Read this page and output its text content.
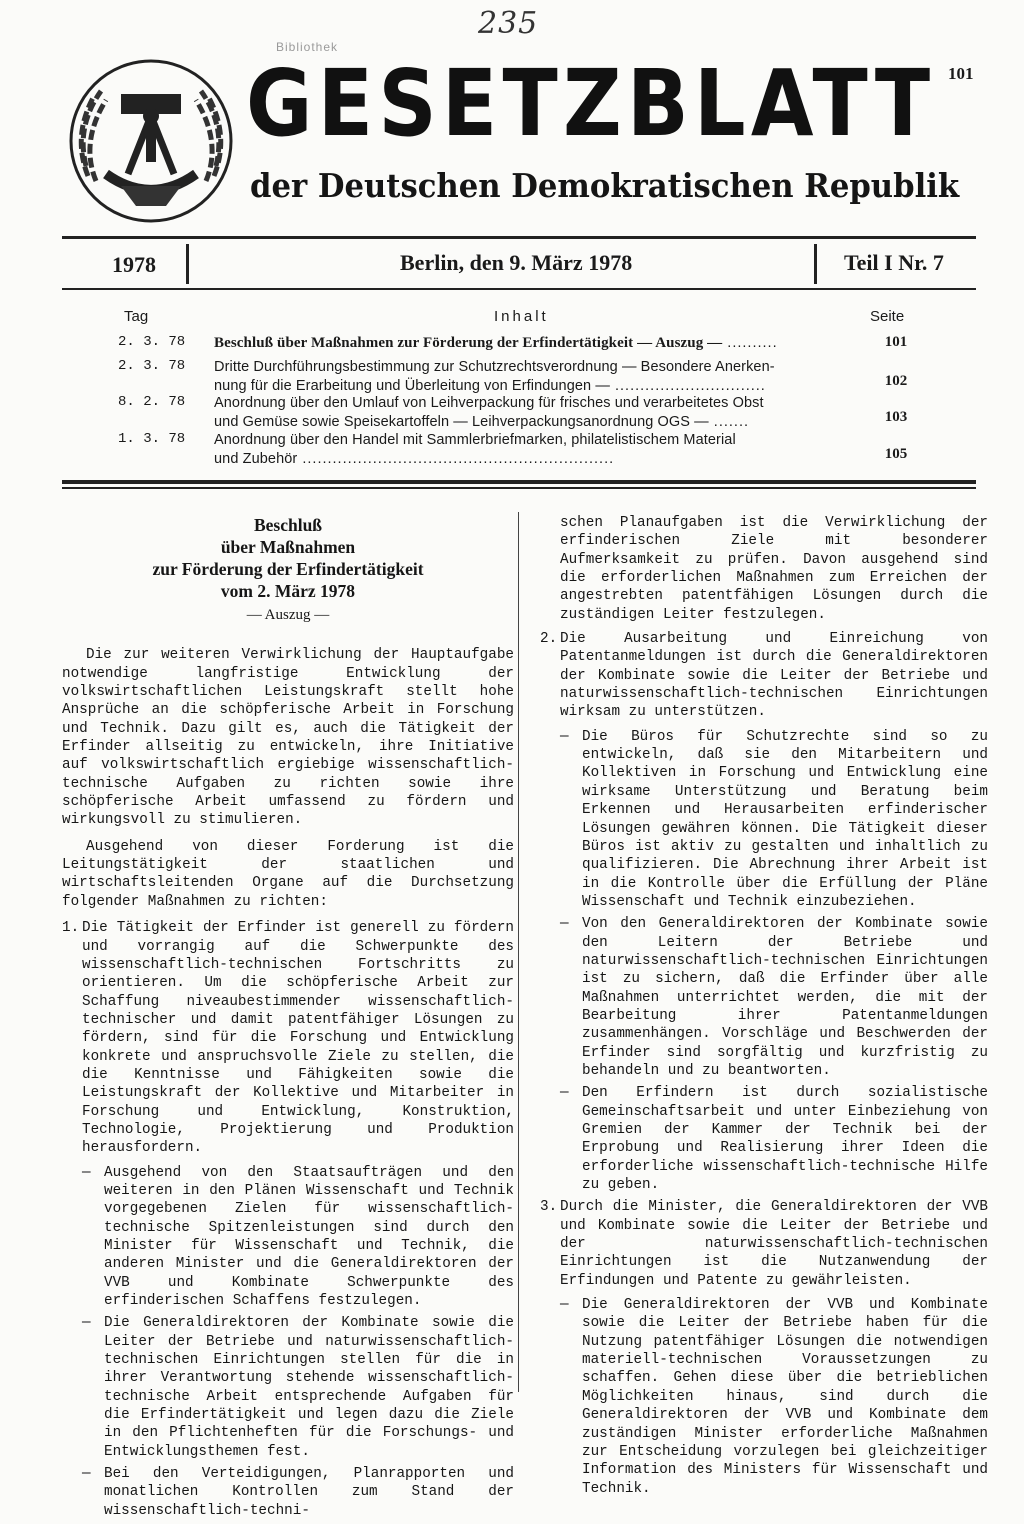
235
Bibliothek
GESETZBLATT
der Deutschen Demokratischen Republik
101
1978	Berlin, den 9. März 1978	Teil I Nr. 7
Tag	Inhalt	Seite
2. 3. 78 Beschluß über Maßnahmen zur Förderung der Erfindertätigkeit — Auszug — ..........	101
2. 3. 78 Dritte Durchführungsbestimmung zur Schutzrechtsverordnung — Besondere Anerken-
nung für die Erarbeitung und Überleitung von Erfindungen — ..............................	102
8. 2. 78 Anordnung über den Umlauf von Leihverpackung für frisches und verarbeitetes Obst
und Gemüse sowie Speisekartoffeln — Leihverpackungsanordnung OGS — .......	103
1. 3. 78 Anordnung über den Handel mit Sammlerbriefmarken, philatelistischem Material
und Zubehör ..............................................................	105
Beschluß
über Maßnahmen
zur Förderung der Erfindertätigkeit
vom 2. März 1978
— Auszug —

Die zur weiteren Verwirklichung der Hauptaufgabe notwendige langfristige Entwicklung der volkswirtschaftlichen Leistungskraft stellt hohe Ansprüche an die schöpferische Arbeit in Forschung und Technik. Dazu gilt es, auch die Tätigkeit der Erfinder allseitig zu entwickeln, ihre Initiative auf volkswirtschaftlich ergiebige wissenschaftlich-technische Aufgaben zu richten sowie ihre schöpferische Arbeit umfassend zu fördern und wirkungsvoll zu stimulieren.

Ausgehend von dieser Forderung ist die Leitungstätigkeit der staatlichen und wirtschaftsleitenden Organe auf die Durchsetzung folgender Maßnahmen zu richten:

1. Die Tätigkeit der Erfinder ist generell zu fördern und vorrangig auf die Schwerpunkte des wissenschaftlich-technischen Fortschritts zu orientieren. Um die schöpferische Arbeit zur Schaffung niveaubestimmender wissenschaftlich-technischer und damit patentfähiger Lösungen zu fördern, sind für die Forschung und Entwicklung konkrete und anspruchsvolle Ziele zu stellen, die die Kenntnisse und Fähigkeiten sowie die Leistungskraft der Kollektive und Mitarbeiter in Forschung und Entwicklung, Konstruktion, Technologie, Projektierung und Produktion herausfordern.

— Ausgehend von den Staatsaufträgen und den weiteren in den Plänen Wissenschaft und Technik vorgegebenen Zielen für wissenschaftlich-technische Spitzenleistungen sind durch den Minister für Wissenschaft und Technik, die anderen Minister und die Generaldirektoren der VVB und Kombinate Schwerpunkte des erfinderischen Schaffens festzulegen.

— Die Generaldirektoren der Kombinate sowie die Leiter der Betriebe und naturwissenschaftlich-technischen Einrichtungen stellen für die in ihrer Verantwortung stehende wissenschaftlich-technische Arbeit entsprechende Aufgaben für die Erfindertätigkeit und legen dazu die Ziele in den Pflichtenheften für die Forschungs- und Entwicklungsthemen fest.

— Bei den Verteidigungen, Planrapporten und monatlichen Kontrollen zum Stand der wissenschaftlich-techni-

schen Planaufgaben ist die Verwirklichung der erfinderischen Ziele mit besonderer Aufmerksamkeit zu prüfen. Davon ausgehend sind die erforderlichen Maßnahmen zum Erreichen der angestrebten patentfähigen Lösungen durch die zuständigen Leiter festzulegen.

2. Die Ausarbeitung und Einreichung von Patentanmeldungen ist durch die Generaldirektoren der Kombinate sowie die Leiter der Betriebe und naturwissenschaftlich-technischen Einrichtungen wirksam zu unterstützen.

— Die Büros für Schutzrechte sind so zu entwickeln, daß sie den Mitarbeitern und Kollektiven in Forschung und Entwicklung eine wirksame Unterstützung und Beratung beim Erkennen und Herausarbeiten erfinderischer Lösungen gewähren können. Die Tätigkeit dieser Büros ist aktiv zu gestalten und inhaltlich zu qualifizieren. Die Abrechnung ihrer Arbeit ist in die Kontrolle über die Erfüllung der Pläne Wissenschaft und Technik einzubeziehen.

— Von den Generaldirektoren der Kombinate sowie den Leitern der Betriebe und naturwissenschaftlich-technischen Einrichtungen ist zu sichern, daß die Erfinder über alle Maßnahmen unterrichtet werden, die mit der Bearbeitung ihrer Patentanmeldungen zusammenhängen. Vorschläge und Beschwerden der Erfinder sind sorgfältig und kurzfristig zu behandeln und zu beantworten.

— Den Erfindern ist durch sozialistische Gemeinschaftsarbeit und unter Einbeziehung von Gremien der Kammer der Technik bei der Erprobung und Realisierung ihrer Ideen die erforderliche wissenschaftlich-technische Hilfe zu geben.

3. Durch die Minister, die Generaldirektoren der VVB und Kombinate sowie die Leiter der Betriebe und der naturwissenschaftlich-technischen Einrichtungen ist die Nutzanwendung der Erfindungen und Patente zu gewährleisten.

— Die Generaldirektoren der VVB und Kombinate sowie die Leiter der Betriebe haben für die Nutzung patentfähiger Lösungen die notwendigen materiell-technischen Voraussetzungen zu schaffen. Gehen diese über die betrieblichen Möglichkeiten hinaus, sind durch die Generaldirektoren der VVB und Kombinate dem zuständigen Minister erforderliche Maßnahmen zur Entscheidung vorzulegen bei gleichzeitiger Information des Ministers für Wissenschaft und Technik.
